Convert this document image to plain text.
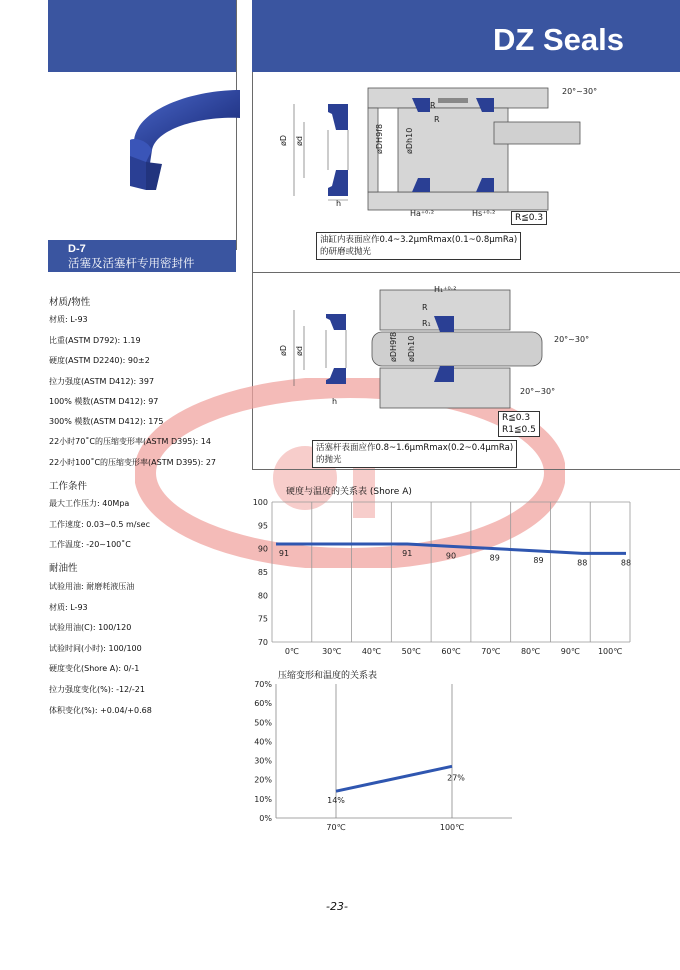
DZ Seals
D-7
活塞及活塞杆专用密封件
材质/物性
材质: L-93
比重(ASTM D792): 1.19
硬度(ASTM D2240): 90±2
拉力强度(ASTM D412): 397
100% 模数(ASTM D412): 97
300% 模数(ASTM D412): 175
22小时70˚C的压缩变形率(ASTM D395): 14
22小时100˚C的压缩变形率(ASTM D395): 27
工作条件
最大工作压力: 40Mpa
工作速度: 0.03~0.5 m/sec
工作温度: -20~100˚C
耐油性
试验用油: 耐磨耗液压油
材质: L-93
试验用油(C): 100/120
试验时间(小时): 100/100
硬度变化(Shore A): 0/-1
拉力强度变化(%): -12/-21
体积变化(%): +0.04/+0.68
øD ød
h
øDH9f8	øDh10
R
R
Ha⁺⁰·²	Hs⁺⁰·²
20°~30°
R≦0.3
油缸内表面应作0.4~3.2μmRmax(0.1~0.8μmRa)
的研磨或抛光
øD ød
h
øDH9f8 øDh10
H₁⁺⁰·²
R
R₁
20°~30°
20°~30°
R≦0.3
R1≦0.5
活塞杆表面应作0.8~1.6μmRmax(0.2~0.4μmRa)
的抛光
硬度与温度的关系表 (Shore A)
100
95
90
85
80
75
70
0℃	30℃	40℃	50℃	60℃	70℃	80℃	90℃ 100℃
91	91	90	89	89	88	88
压缩变形和温度的关系表
70%
60%
50%
40%
30%
20%
10%
0%
70℃	100℃
14%
27%
-23-
